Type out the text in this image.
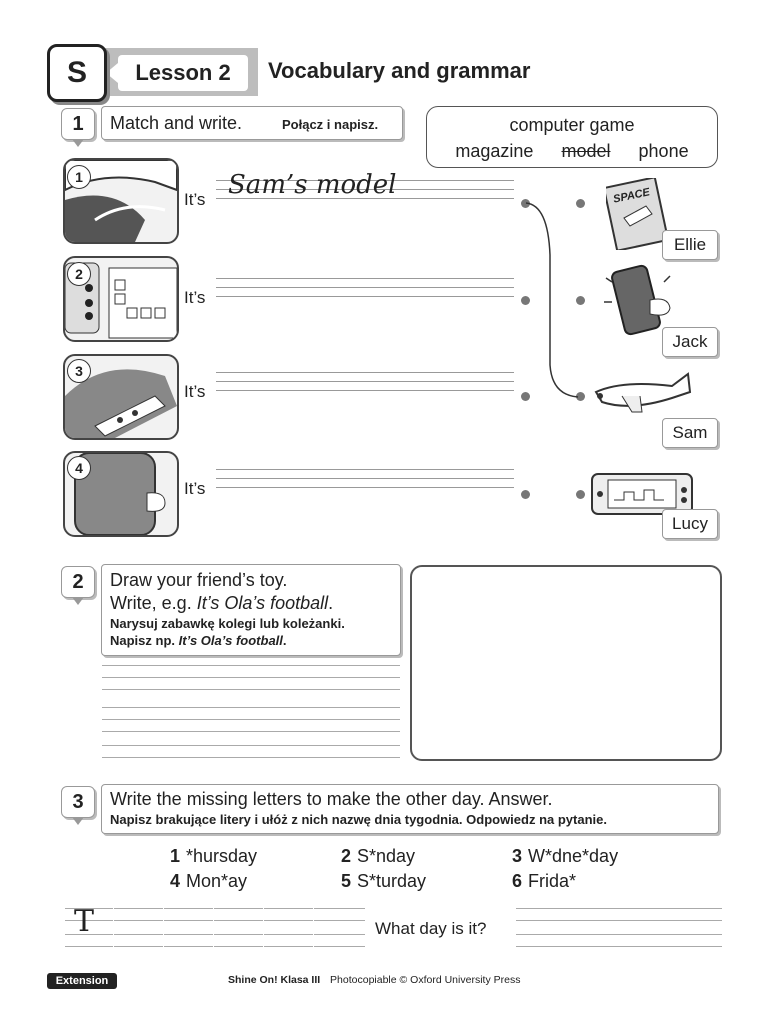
Lesson 2
S	Vocabulary and grammar
1	Match and write.	Połącz i napisz.	computer game
magazine model phone
1
2
3
4
It’s Sam’s model
It’s
It’s
It’s
SPACE
Ellie
Jack
Sam
Lucy
2	Draw your friend’s toy.
Write, e.g. It’s Ola’s football.
Narysuj zabawkę kolegi lub koleżanki.
Napisz np. It’s Ola’s football.
3	Write the missing letters to make the other day. Answer.
Napisz brakujące litery i ułóż z nich nazwę dnia tygodnia. Odpowiedz na pytanie.
1 *hursday	2 S*nday	3 W*dne*day
4 Mon*ay	5 S*turday	6 Frida*
T	What day is it?
Extension	Shine On! Klasa III Photocopiable © Oxford University Press
